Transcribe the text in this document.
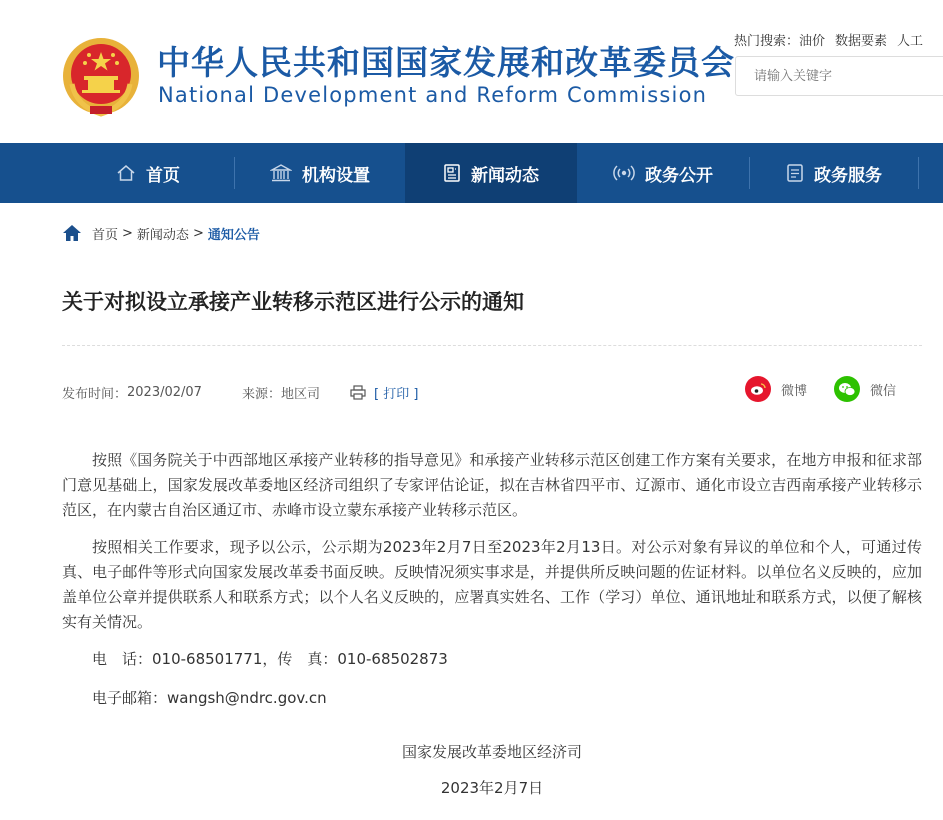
中华人民共和国国家发展和改革委员会
National Development and Reform Commission
热门搜索：油价 数据要素 人工
请输入关键字
首页	机构设置	新闻动态	政务公开	政务服务
首页 > 新闻动态 > 通知公告
关于对拟设立承接产业转移示范区进行公示的通知
发布时间： 2023/02/07	来源： 地区司	[ 打印 ]	微博	微信

按照《国务院关于中西部地区承接产业转移的指导意见》和承接产业转移示范区创建工作方案有关要求，在地方申报和征求部门意见基础上，国家发展改革委地区经济司组织了专家评估论证，拟在吉林省四平市、辽源市、通化市设立吉西南承接产业转移示范区，在内蒙古自治区通辽市、赤峰市设立蒙东承接产业转移示范区。

按照相关工作要求，现予以公示，公示期为2023年2月7日至2023年2月13日。对公示对象有异议的单位和个人，可通过传真、电子邮件等形式向国家发展改革委书面反映。反映情况须实事求是，并提供所反映问题的佐证材料。以单位名义反映的，应加盖单位公章并提供联系人和联系方式；以个人名义反映的，应署真实姓名、工作（学习）单位、通讯地址和联系方式，以便了解核实有关情况。

电　话：010-68501771，传　真：010-68502873

电子邮箱：wangsh@ndrc.gov.cn

国家发展改革委地区经济司
2023年2月7日
